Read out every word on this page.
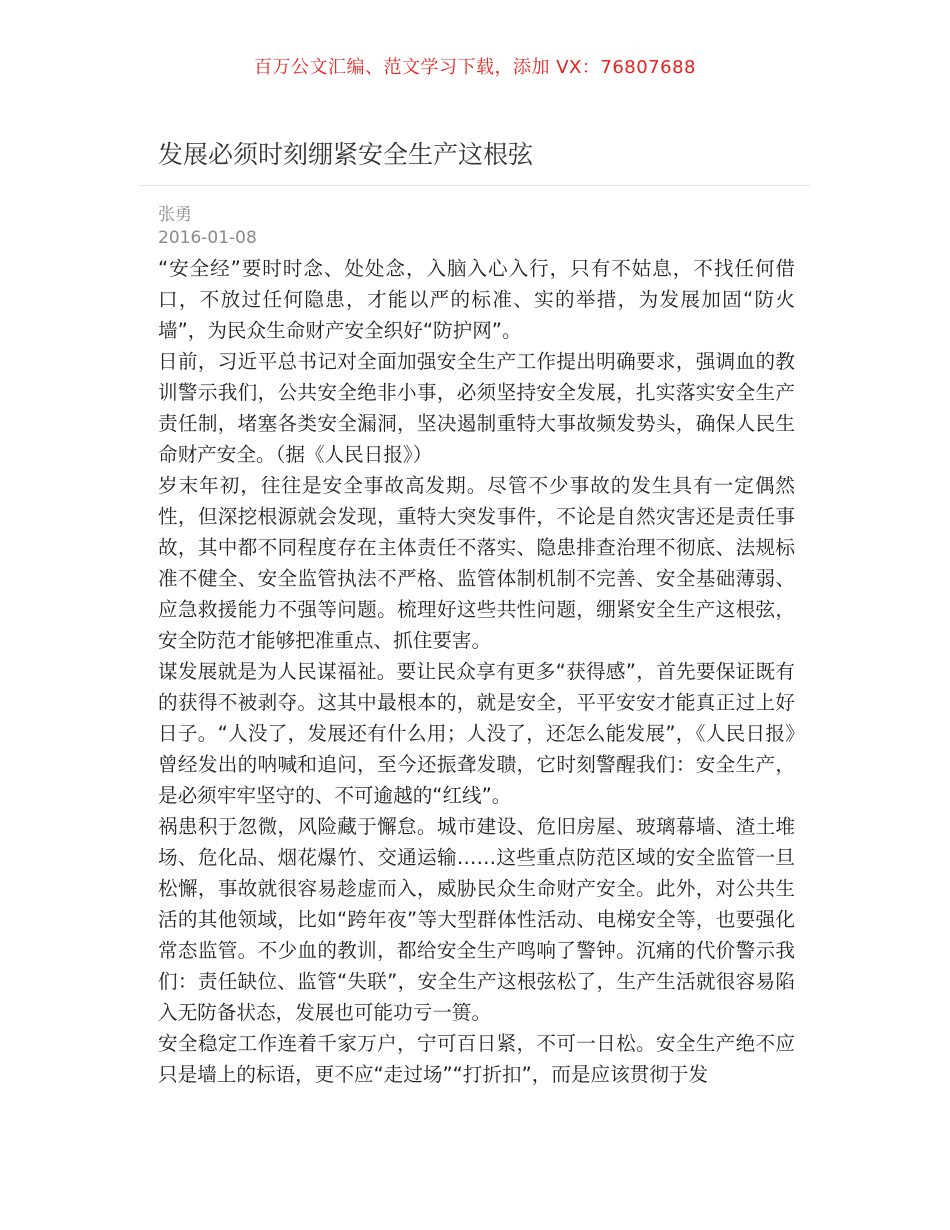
百万公文汇编、范文学习下载，添加 VX：76807688
发展必须时刻绷紧安全生产这根弦
张勇
2016-01-08

“安全经”要时时念、处处念，入脑入心入行，只有不姑息，不找任何借口，不放过任何隐患，才能以严的标准、实的举措，为发展加固“防火墙”，为民众生命财产安全织好“防护网”。

日前，习近平总书记对全面加强安全生产工作提出明确要求，强调血的教训警示我们，公共安全绝非小事，必须坚持安全发展，扎实落实安全生产责任制，堵塞各类安全漏洞，坚决遏制重特大事故频发势头，确保人民生命财产安全。（据《人民日报》）

岁末年初，往往是安全事故高发期。尽管不少事故的发生具有一定偶然性，但深挖根源就会发现，重特大突发事件，不论是自然灾害还是责任事故，其中都不同程度存在主体责任不落实、隐患排查治理不彻底、法规标准不健全、安全监管执法不严格、监管体制机制不完善、安全基础薄弱、应急救援能力不强等问题。梳理好这些共性问题，绷紧安全生产这根弦，安全防范才能够把准重点、抓住要害。

谋发展就是为人民谋福祉。要让民众享有更多“获得感”，首先要保证既有的获得不被剥夺。这其中最根本的，就是安全，平平安安才能真正过上好日子。“人没了，发展还有什么用；人没了，还怎么能发展”，《人民日报》曾经发出的呐喊和追问，至今还振聋发聩，它时刻警醒我们：安全生产，是必须牢牢坚守的、不可逾越的“红线”。

祸患积于忽微，风险藏于懈怠。城市建设、危旧房屋、玻璃幕墙、渣土堆场、危化品、烟花爆竹、交通运输……这些重点防范区域的安全监管一旦松懈，事故就很容易趁虚而入，威胁民众生命财产安全。此外，对公共生活的其他领域，比如“跨年夜”等大型群体性活动、电梯安全等，也要强化常态监管。不少血的教训，都给安全生产鸣响了警钟。沉痛的代价警示我们：责任缺位、监管“失联”，安全生产这根弦松了，生产生活就很容易陷入无防备状态，发展也可能功亏一篑。

安全稳定工作连着千家万户，宁可百日紧，不可一日松。安全生产绝不应只是墙上的标语，更不应“走过场”“打折扣”，而是应该贯彻于发
